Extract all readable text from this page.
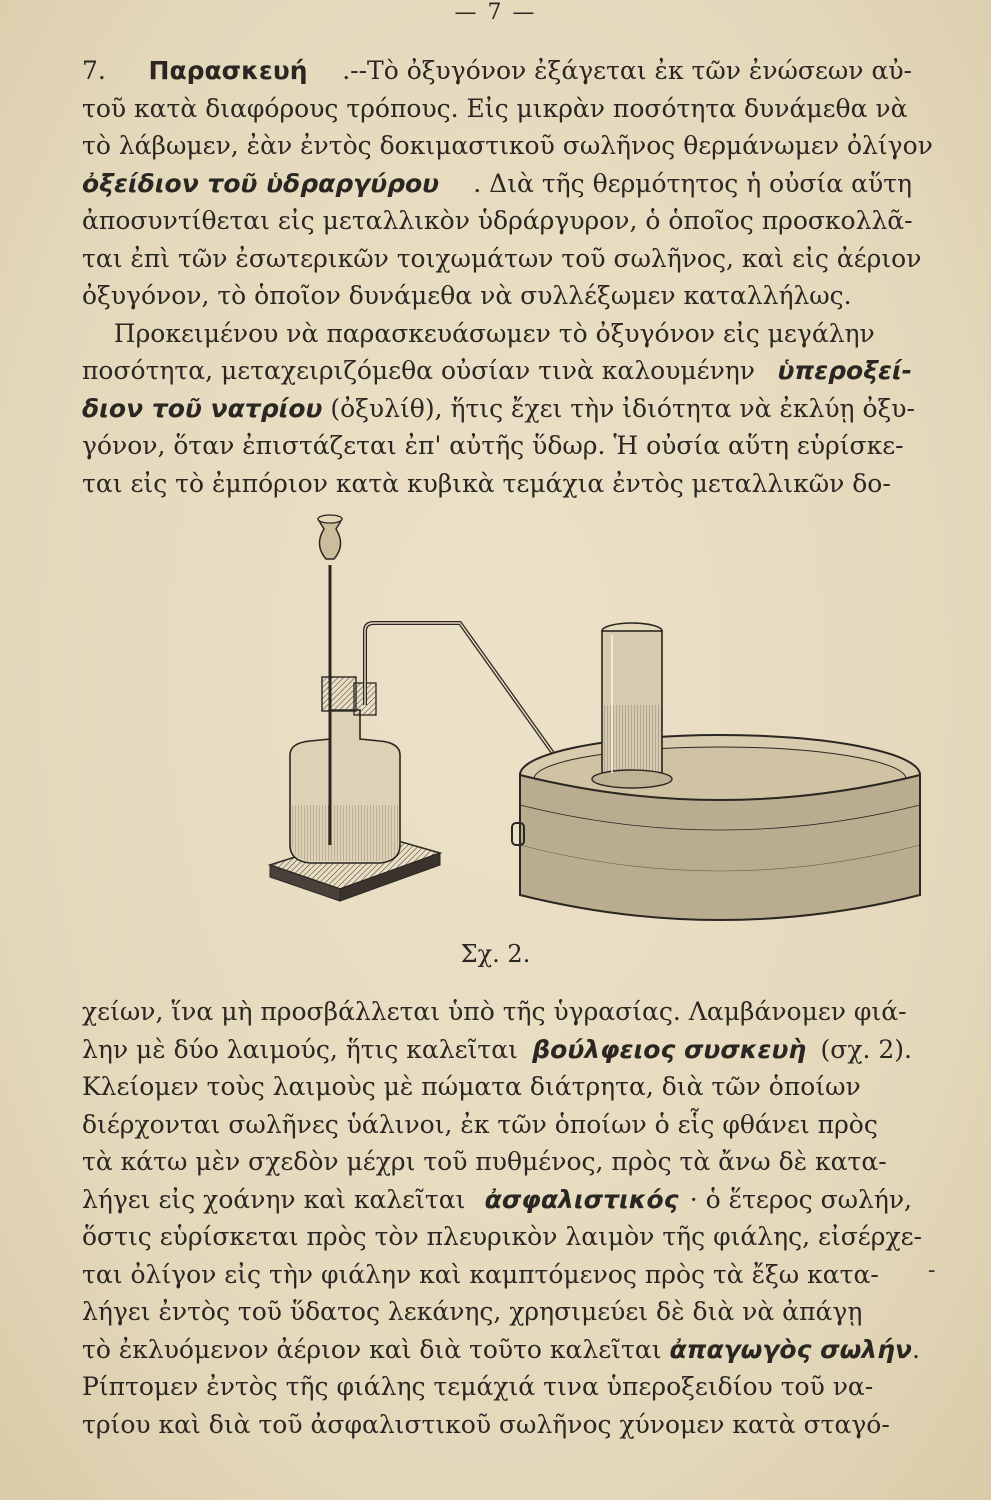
— 7 —
7. Παρασκευή .--Τὸ ὀξυγόνον ἐξάγεται ἐκ τῶν ἐνώσεων αὐ-
τοῦ κατὰ διαφόρους τρόπους. Εἰς μικρὰν ποσότητα δυνάμεθα νὰ
τὸ λάβωμεν, ἐὰν ἐντὸς δοκιμαστικοῦ σωλῆνος θερμάνωμεν ὀλίγον
ὀξείδιον τοῦ ὑδραργύρου . Διὰ τῆς θερμότητος ἡ οὐσία αὕτη
ἀποσυντίθεται εἰς μεταλλικὸν ὑδράργυρον, ὁ ὁποῖος προσκολλᾶ-
ται ἐπὶ τῶν ἐσωτερικῶν τοιχωμάτων τοῦ σωλῆνος, καὶ εἰς ἀέριον
ὀξυγόνον, τὸ ὁποῖον δυνάμεθα νὰ συλλέξωμεν καταλλήλως.
Προκειμένου νὰ παρασκευάσωμεν τὸ ὀξυγόνον εἰς μεγάλην
ποσότητα, μεταχειριζόμεθα οὐσίαν τινὰ καλουμένην ὑπεροξεί-
διον τοῦ νατρίου (ὀξυλίθ), ἥτις ἔχει τὴν ἰδιότητα νὰ ἐκλύῃ ὀξυ-
γόνον, ὅταν ἐπιστάζεται ἐπ' αὐτῆς ὕδωρ. Ἡ οὐσία αὕτη εὑρίσκε-
ται εἰς τὸ ἐμπόριον κατὰ κυβικὰ τεμάχια ἐντὸς μεταλλικῶν δο-
Σχ. 2.
χείων, ἵνα μὴ προσβάλλεται ὑπὸ τῆς ὑγρασίας. Λαμβάνομεν φιά-
λην μὲ δύο λαιμούς, ἥτις καλεῖται βούλφειος συσκευὴ (σχ. 2).
Κλείομεν τοὺς λαιμοὺς μὲ πώματα διάτρητα, διὰ τῶν ὁποίων
διέρχονται σωλῆνες ὑάλινοι, ἐκ τῶν ὁποίων ὁ εἷς φθάνει πρὸς
τὰ κάτω μὲν σχεδὸν μέχρι τοῦ πυθμένος, πρὸς τὰ ἄνω δὲ κατα-
λήγει εἰς χοάνην καὶ καλεῖται ἀσφαλιστικός · ὁ ἕτερος σωλήν,
ὅστις εὑρίσκεται πρὸς τὸν πλευρικὸν λαιμὸν τῆς φιάλης, εἰσέρχε-
ται ὀλίγον εἰς τὴν φιάλην καὶ καμπτόμενος πρὸς τὰ ἔξω κατα-
λήγει ἐντὸς τοῦ ὕδατος λεκάνης, χρησιμεύει δὲ διὰ νὰ ἀπάγῃ
τὸ ἐκλυόμενον ἀέριον καὶ διὰ τοῦτο καλεῖται ἀπαγωγὸς σωλήν .
Ρίπτομεν ἐντὸς τῆς φιάλης τεμάχιά τινα ὑπεροξειδίου τοῦ να-
τρίου καὶ διὰ τοῦ ἀσφαλιστικοῦ σωλῆνος χύνομεν κατὰ σταγό-
-
